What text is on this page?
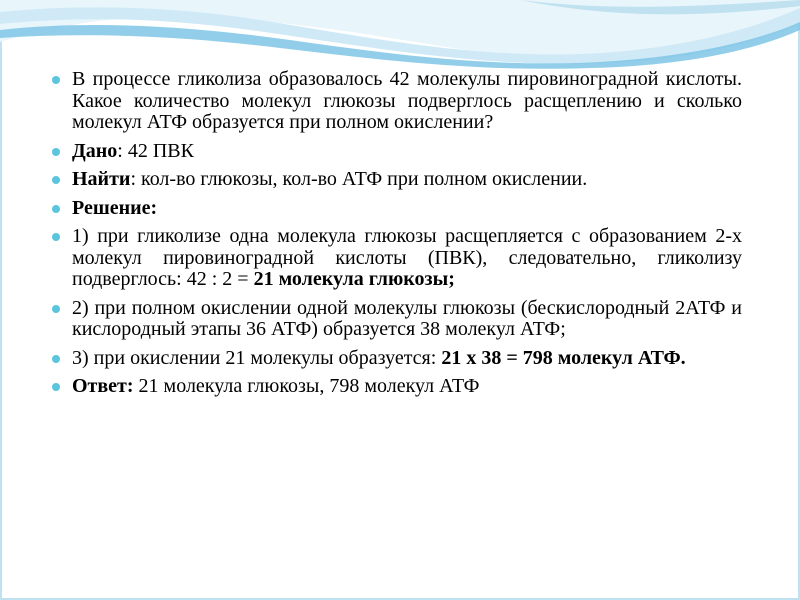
В процессе гликолиза образовалось 42 молекулы пировиноградной кислоты. Какое количество молекул глюкозы подверглось расщеплению и сколько молекул АТФ образуется при полном окислении?
Дано: 42 ПВК
Найти: кол-во глюкозы, кол-во АТФ при полном окислении.
Решение:
1) при гликолизе одна молекула глюкозы расщепляется с образованием 2-х молекул пировиноградной кислоты (ПВК), следовательно, гликолизу подверглось: 42 : 2 = 21 молекула глюкозы;
2) при полном окислении одной молекулы глюкозы (бескислородный 2АТФ и кислородный этапы 36 АТФ) образуется 38 молекул АТФ;
3) при окислении 21 молекулы образуется: 21 х 38 = 798 молекул АТФ.
Ответ: 21 молекула глюкозы, 798 молекул АТФ
